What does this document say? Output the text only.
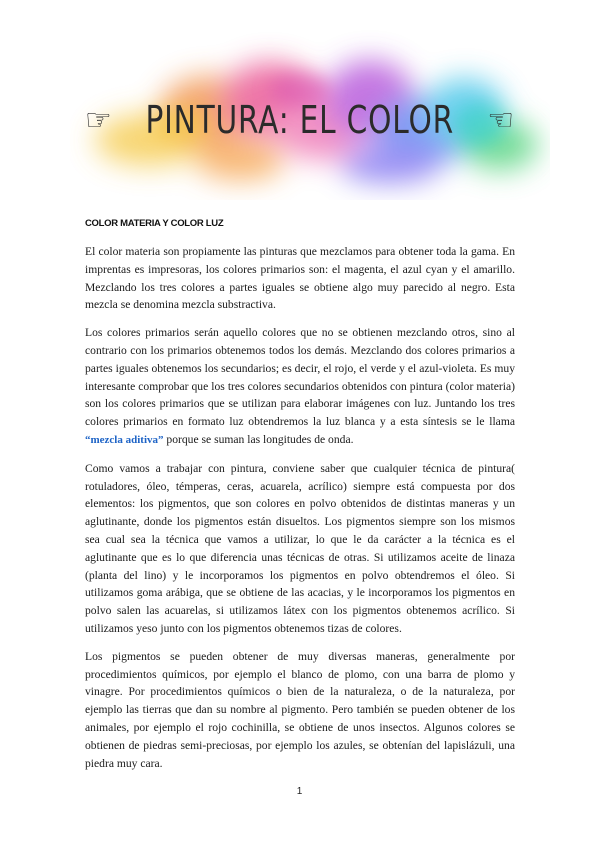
☞ PINTURA: EL COLOR ☜
COLOR MATERIA Y COLOR LUZ

El color materia son propiamente las pinturas que mezclamos para obtener toda la gama. En imprentas es impresoras, los colores primarios son: el magenta, el azul cyan y el amarillo. Mezclando los tres colores a partes iguales se obtiene algo muy parecido al negro. Esta mezcla se denomina mezcla substractiva.

Los colores primarios serán aquello colores que no se obtienen mezclando otros, sino al contrario con los primarios obtenemos todos los demás. Mezclando dos colores primarios a partes iguales obtenemos los secundarios; es decir, el rojo, el verde y el azul-violeta. Es muy interesante comprobar que los tres colores secundarios obtenidos con pintura (color materia) son los colores primarios que se utilizan para elaborar imágenes con luz. Juntando los tres colores primarios en formato luz obtendremos la luz blanca y a esta síntesis se le llama “mezcla aditiva” porque se suman las longitudes de onda.

Como vamos a trabajar con pintura, conviene saber que cualquier técnica de pintura( rotuladores, óleo, témperas, ceras, acuarela, acrílico) siempre está compuesta por dos elementos: los pigmentos, que son colores en polvo obtenidos de distintas maneras y un aglutinante, donde los pigmentos están disueltos. Los pigmentos siempre son los mismos sea cual sea la técnica que vamos a utilizar, lo que le da carácter a la técnica es el aglutinante que es lo que diferencia unas técnicas de otras. Si utilizamos aceite de linaza (planta del lino) y le incorporamos los pigmentos en polvo obtendremos el óleo. Si utilizamos goma arábiga, que se obtiene de las acacias, y le incorporamos los pigmentos en polvo salen las acuarelas, si utilizamos látex con los pigmentos obtenemos acrílico. Si utilizamos yeso junto con los pigmentos obtenemos tizas de colores.

Los pigmentos se pueden obtener de muy diversas maneras, generalmente por procedimientos químicos, por ejemplo el blanco de plomo, con una barra de plomo y vinagre. Por procedimientos químicos o bien de la naturaleza, o de la naturaleza, por ejemplo las tierras que dan su nombre al pigmento. Pero también se pueden obtener de los animales, por ejemplo el rojo cochinilla, se obtiene de unos insectos. Algunos colores se obtienen de piedras semi-preciosas, por ejemplo los azules, se obtenían del lapislázuli, una piedra muy cara.

1
